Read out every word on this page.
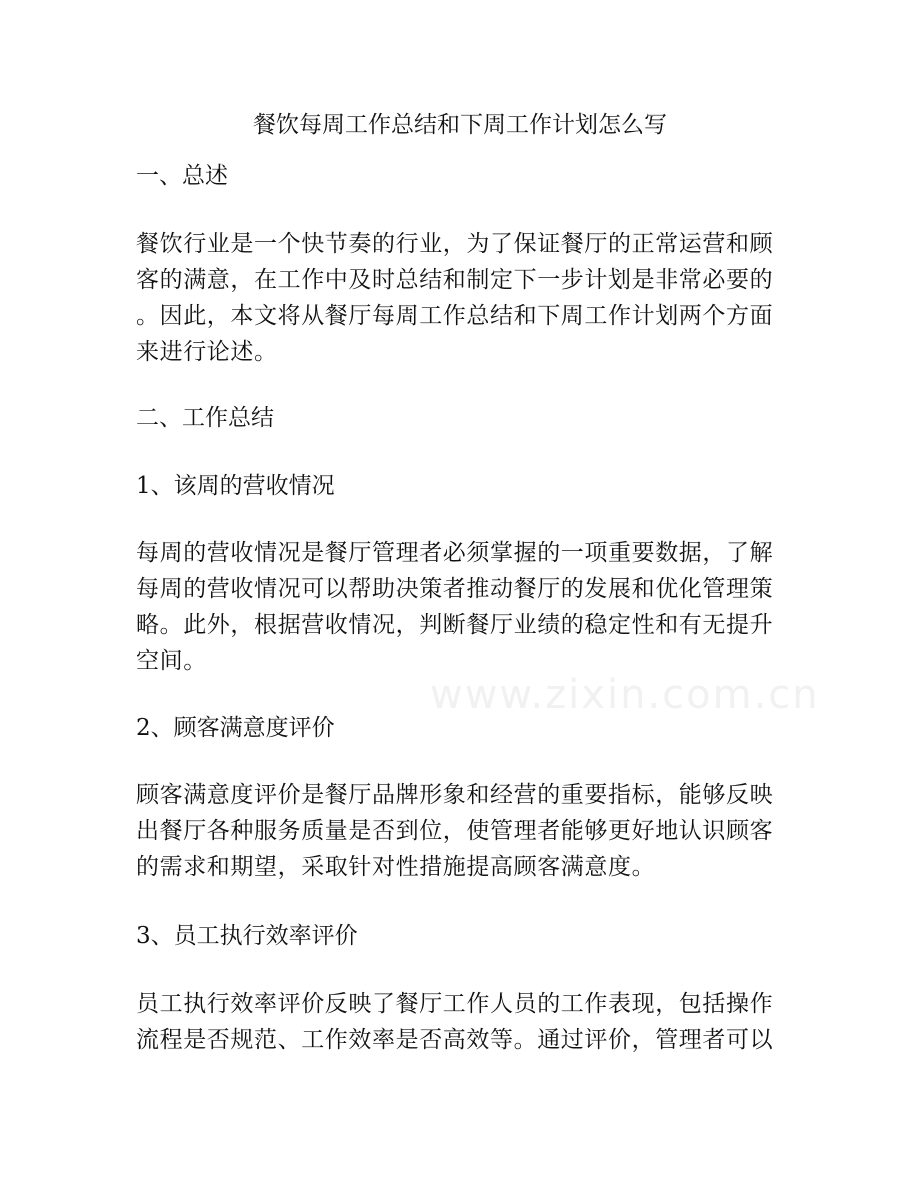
www.zixin.com.cn
餐饮每周工作总结和下周工作计划怎么写
一、总述
餐饮行业是一个快节奏的行业，为了保证餐厅的正常运营和顾
客的满意，在工作中及时总结和制定下一步计划是非常必要的
。因此，本文将从餐厅每周工作总结和下周工作计划两个方面
来进行论述。
二、工作总结
1、该周的营收情况
每周的营收情况是餐厅管理者必须掌握的一项重要数据，了解
每周的营收情况可以帮助决策者推动餐厅的发展和优化管理策
略。此外，根据营收情况，判断餐厅业绩的稳定性和有无提升
空间。
2、顾客满意度评价
顾客满意度评价是餐厅品牌形象和经营的重要指标，能够反映
出餐厅各种服务质量是否到位，使管理者能够更好地认识顾客
的需求和期望，采取针对性措施提高顾客满意度。
3、员工执行效率评价
员工执行效率评价反映了餐厅工作人员的工作表现，包括操作
流程是否规范、工作效率是否高效等。通过评价，管理者可以
